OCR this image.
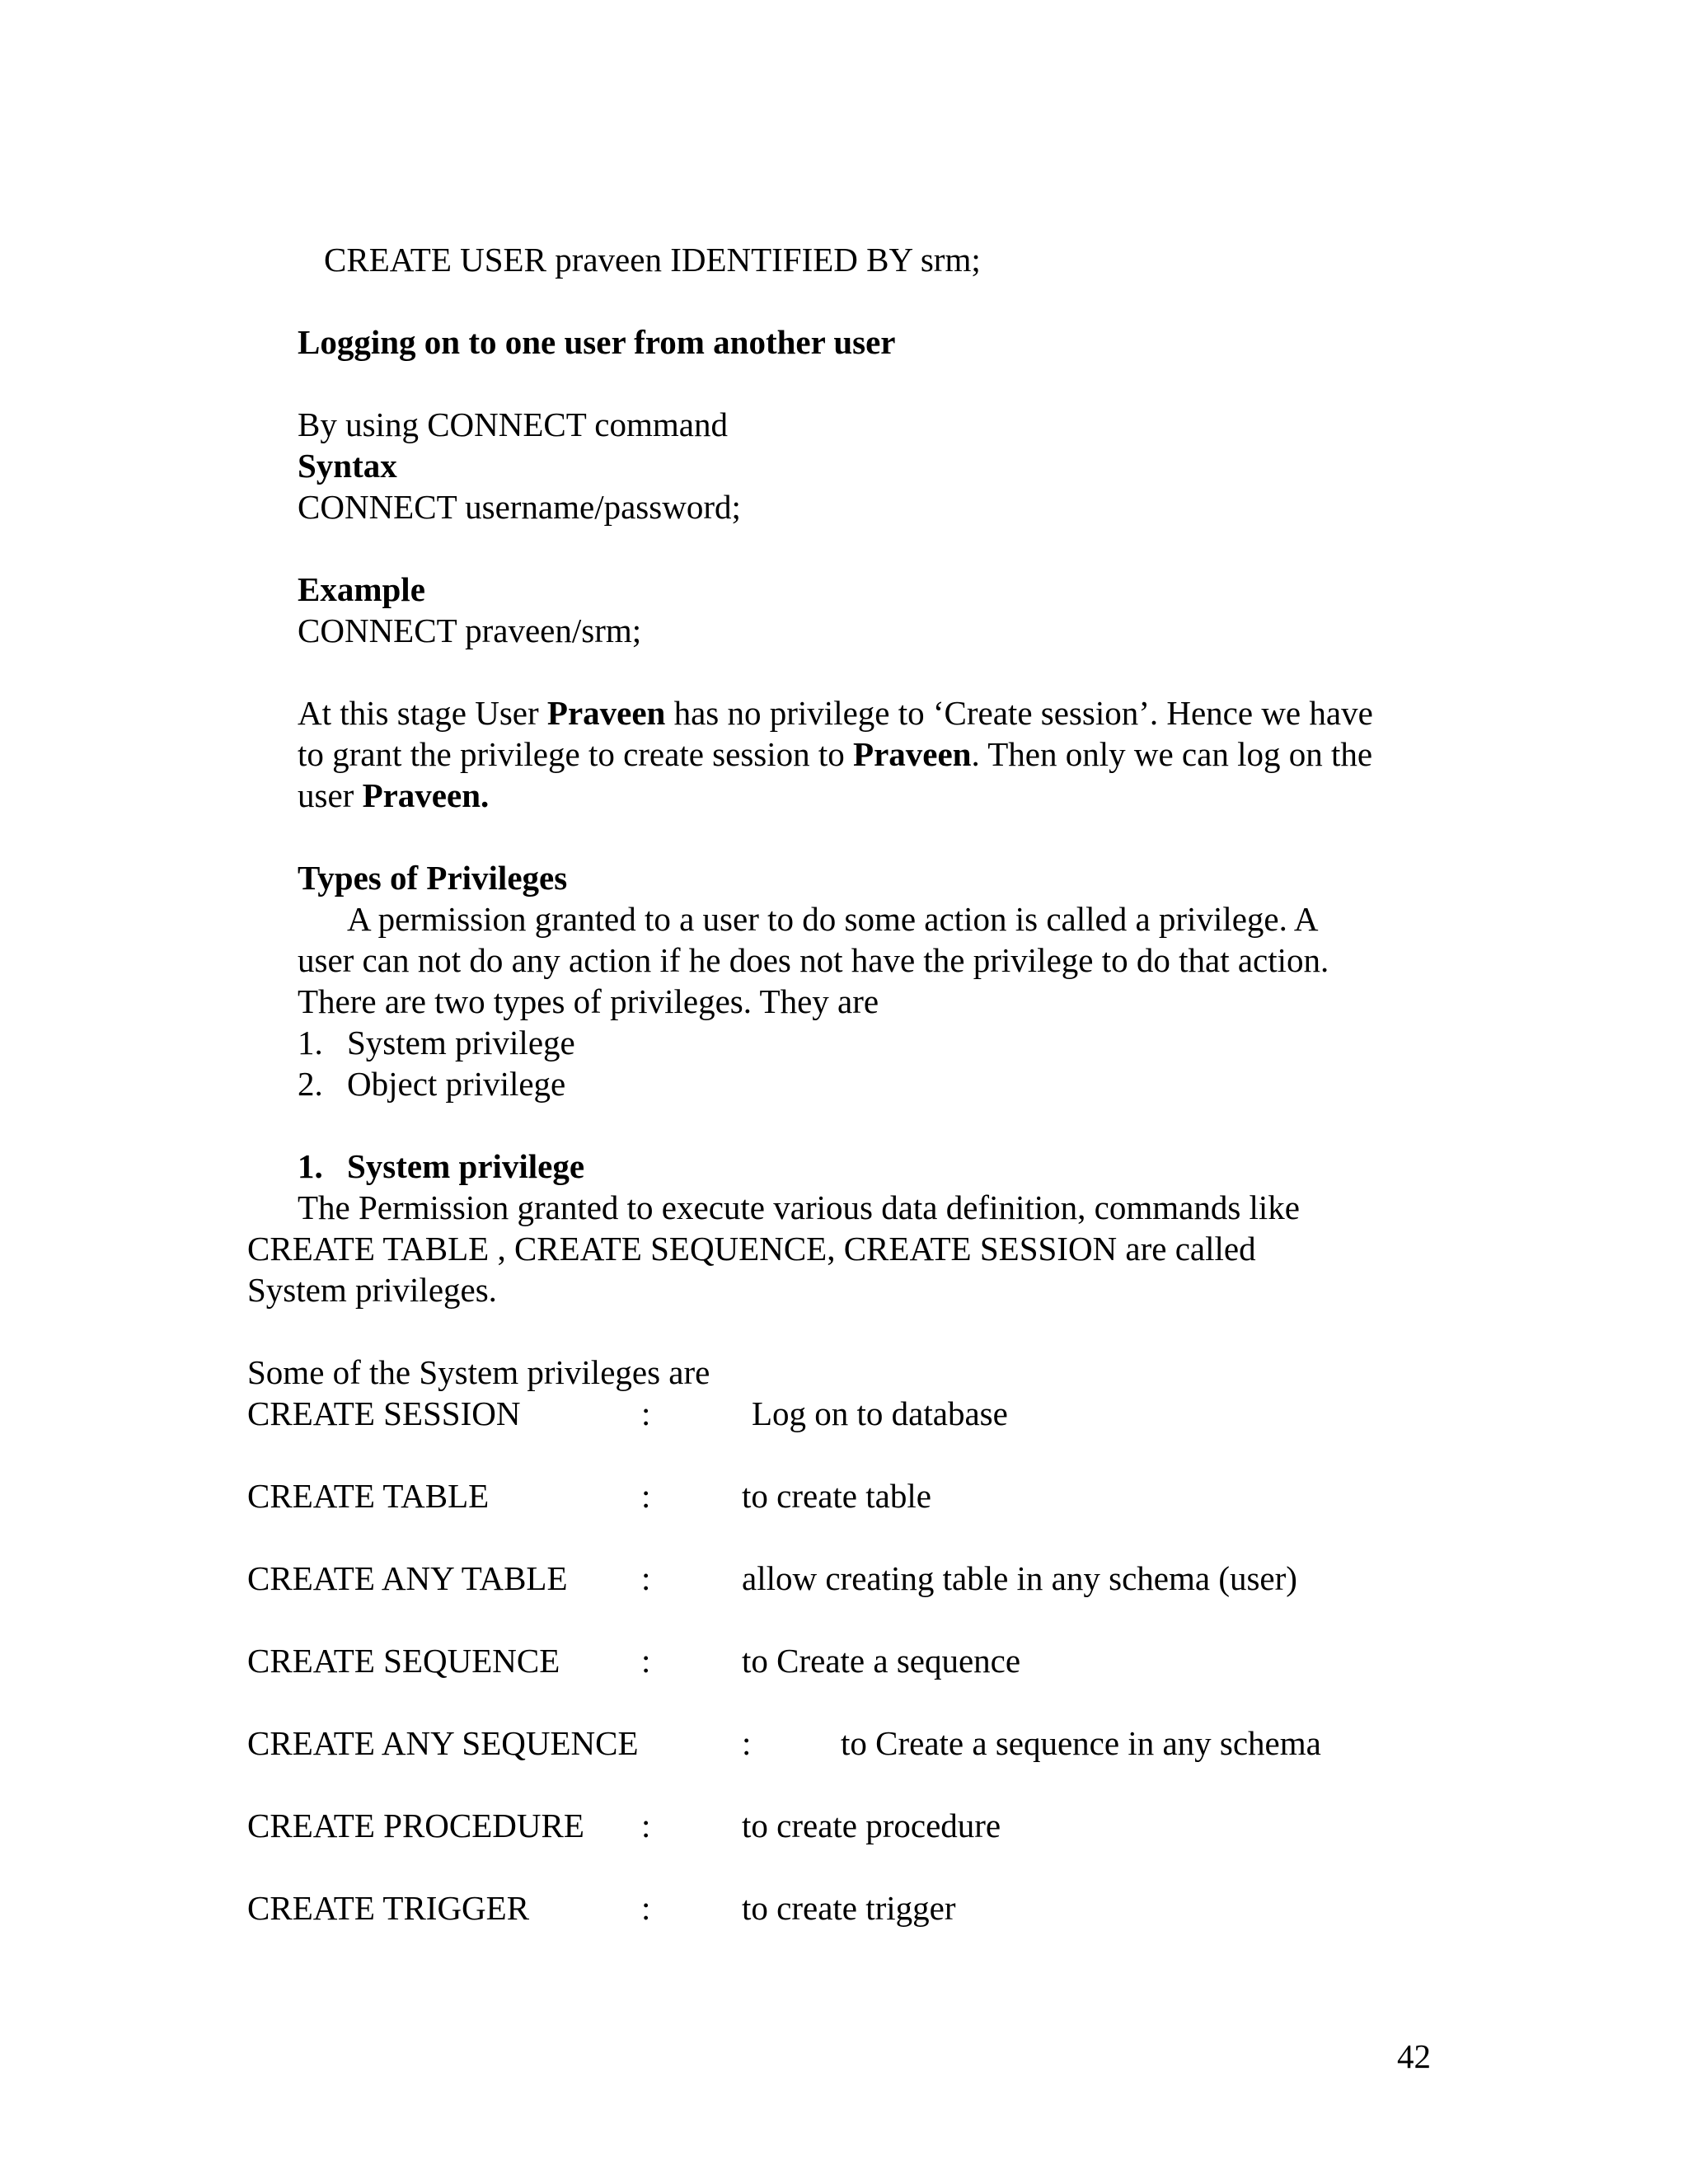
CREATE USER praveen IDENTIFIED BY srm;
Logging on to one user from another user
By using CONNECT command
Syntax
CONNECT username/password;
Example
CONNECT praveen/srm;
At this stage User Praveen has no privilege to ‘Create session’. Hence we have
to grant the privilege to create session to Praveen. Then only we can log on the
user Praveen.
Types of Privileges
A permission granted to a user to do some action is called a privilege. A
user can not do any action if he does not have the privilege to do that action.
There are two types of privileges. They are
1. System privilege
2. Object privilege
1. System privilege
The Permission granted to execute various data definition, commands like
CREATE TABLE , CREATE SEQUENCE, CREATE SESSION are called
System privileges.
Some of the System privileges are
CREATE SESSION	:	Log on to database
CREATE TABLE	:	to create table
CREATE ANY TABLE :	allow creating table in any schema (user)
CREATE SEQUENCE :	to Create a sequence
CREATE ANY SEQUENCE	:	to Create a sequence in any schema
CREATE PROCEDURE :	to create procedure
CREATE TRIGGER	:	to create trigger
42
